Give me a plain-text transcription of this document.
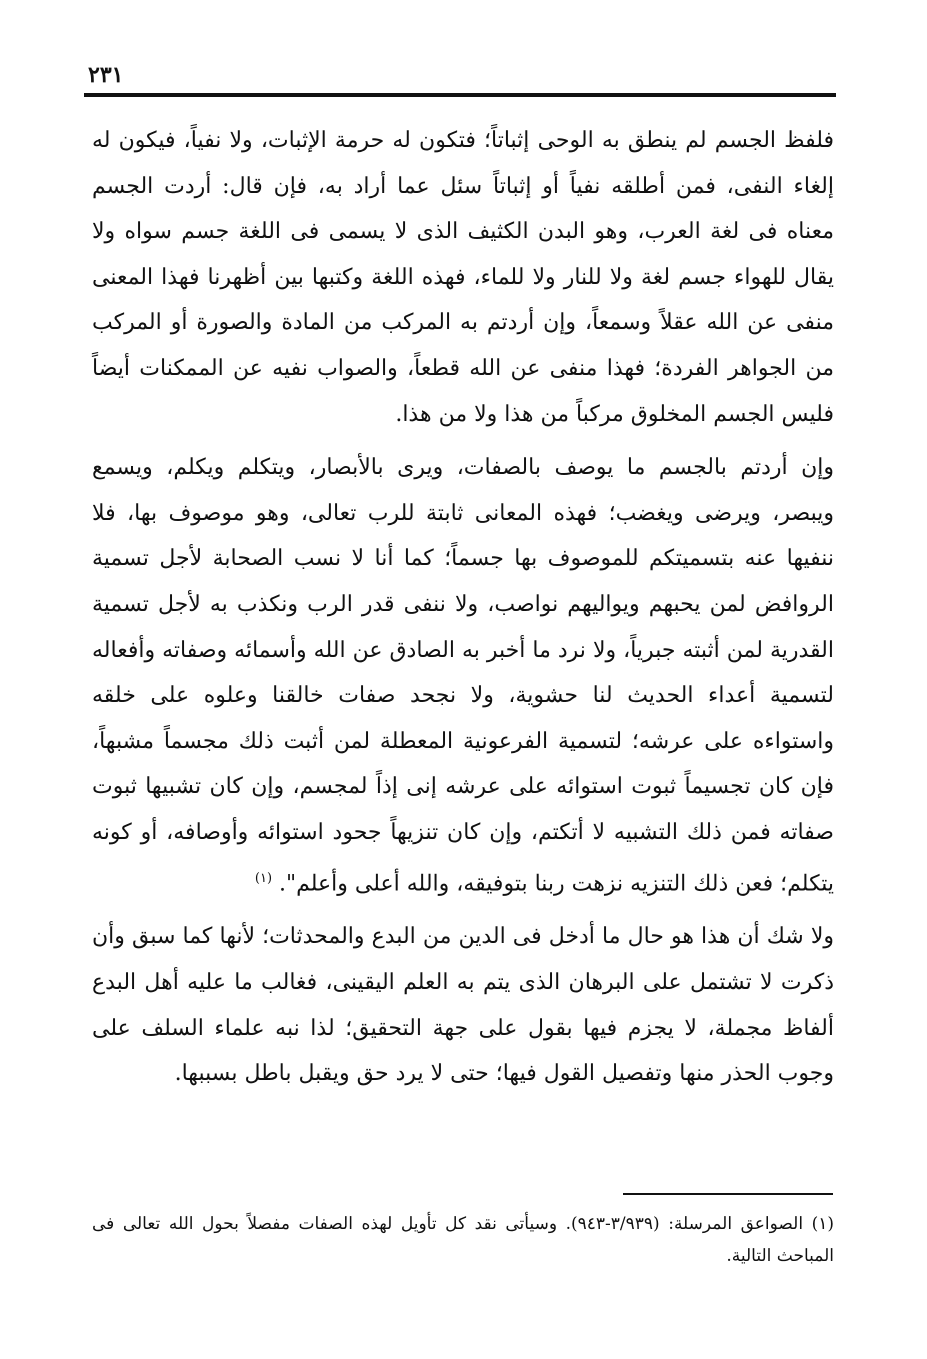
٢٣١

فلفظ الجسم لم ينطق به الوحى إثباتاً؛ فتكون له حرمة الإثبات، ولا نفياً، فيكون له إلغاء النفى، فمن أطلقه نفياً أو إثباتاً سئل عما أراد به، فإن قال: أردت الجسم معناه فى لغة العرب، وهو البدن الكثيف الذى لا يسمى فى اللغة جسم سواه ولا يقال للهواء جسم لغة ولا للنار ولا للماء، فهذه اللغة وكتبها بين أظهرنا فهذا المعنى منفى عن الله عقلاً وسمعاً، وإن أردتم به المركب من المادة والصورة أو المركب من الجواهر الفردة؛ فهذا منفى عن الله قطعاً، والصواب نفيه عن الممكنات أيضاً فليس الجسم المخلوق مركباً من هذا ولا من هذا.

وإن أردتم بالجسم ما يوصف بالصفات، ويرى بالأبصار، ويتكلم ويكلم، ويسمع ويبصر، ويرضى ويغضب؛ فهذه المعانى ثابتة للرب تعالى، وهو موصوف بها، فلا ننفيها عنه بتسميتكم للموصوف بها جسماً؛ كما أنا لا نسب الصحابة لأجل تسمية الروافض لمن يحبهم ويواليهم نواصب، ولا ننفى قدر الرب ونكذب به لأجل تسمية القدرية لمن أثبته جبرياً، ولا نرد ما أخبر به الصادق عن الله وأسمائه وصفاته وأفعاله لتسمية أعداء الحديث لنا حشوية، ولا نجحد صفات خالقنا وعلوه على خلقه واستواءه على عرشه؛ لتسمية الفرعونية المعطلة لمن أثبت ذلك مجسماً مشبهاً، فإن كان تجسيماً ثبوت استوائه على عرشه إنى إذاً لمجسم، وإن كان تشبيها ثبوت صفاته فمن ذلك التشبيه لا أتكتم، وإن كان تنزيهاً جحود استوائه وأوصافه، أو كونه يتكلم؛ فعن ذلك التنزيه نزهت ربنا بتوفيقه، والله أعلى وأعلم". $^{(١)}$

ولا شك أن هذا هو حال ما أدخل فى الدين من البدع والمحدثات؛ لأنها كما سبق وأن ذكرت لا تشتمل على البرهان الذى يتم به العلم اليقينى، فغالب ما عليه أهل البدع ألفاظ مجملة، لا يجزم فيها بقول على جهة التحقيق؛ لذا نبه علماء السلف على وجوب الحذر منها وتفصيل القول فيها؛ حتى لا يرد حق ويقبل باطل بسببها.

(١) الصواعق المرسلة: (٣/٩٣٩-٩٤٣). وسيأتى نقد كل تأويل لهذه الصفات مفصلاً بحول الله تعالى فى المباحث التالية.
